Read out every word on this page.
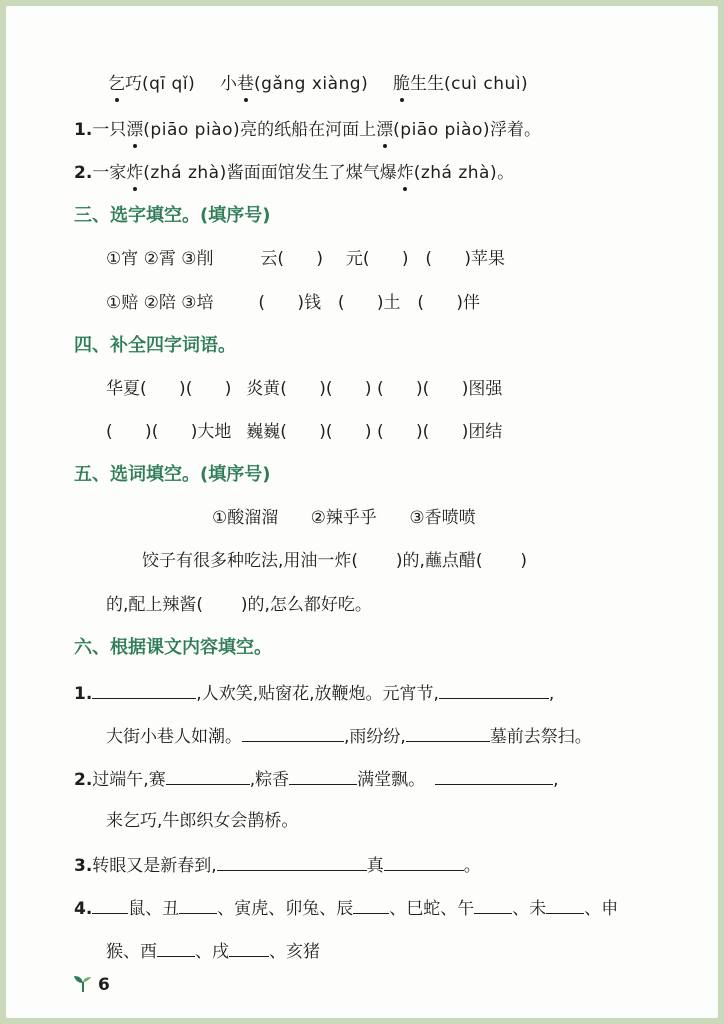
乞巧(qī qǐ) 小巷(gǎng xiàng) 脆生生(cuì chuì)
1.一只漂(piāo piào)亮的纸船在河面上漂(piāo piào)浮着。
2.一家炸(zhá zhà)酱面面馆发生了煤气爆炸(zhá zhà)。
三、选字填空。(填序号)
①宵 ②霄 ③削	云(      ) 元(      ) (      )苹果
①赔 ②陪 ③培	(      )钱 (      )土 (      )伴
四、补全四字词语。
华夏(      )(      ) 炎黄(      )(      ) (      )(      )图强
(      )(      )大地 巍巍(      )(      ) (      )(      )团结
五、选词填空。(填序号)
①酸溜溜      ②辣乎乎      ③香喷喷
饺子有很多种吃法,用油一炸(       )的,蘸点醋(       )
的,配上辣酱(       )的,怎么都好吃。
六、根据课文内容填空。
1.	,人欢笑,贴窗花,放鞭炮。元宵节,	,
大街小巷人如潮。	,雨纷纷,	墓前去祭扫。
2.过端午,赛	,粽香	满堂飘。	,
来乞巧,牛郎织女会鹊桥。
3.转眼又是新春到,	真	。
4. 鼠、丑 、寅虎、卯兔、辰 、巳蛇、午 、未 、申
猴、酉 、戌 、亥猪
6
